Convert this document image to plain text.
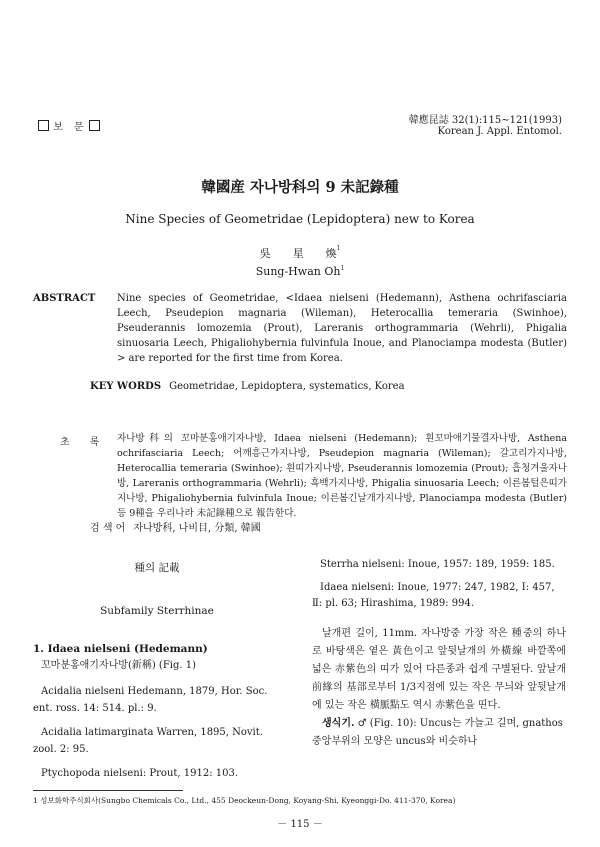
보 문
韓應昆誌 32(1):115∼121(1993)
Korean J. Appl. Entomol.
韓國産 자나방科의 9 未記錄種
Nine Species of Geometridae (Lepidoptera) new to Korea
吳　　星　　煥$^1$
Sung-Hwan Oh$^1$
ABSTRACT Nine species of Geometridae, <Idaea nielseni (Hedemann), Asthena ochrifasciaria Leech, Pseudepion magnaria (Wileman), Heterocallia temeraria (Swinhoe), Pseuderannis lomozemia (Prout), Lareranis orthogrammaria (Wehrli), Phigalia sinuosaria Leech, Phigaliohybernia fulvinfula Inoue, and Planociampa modesta (Butler) > are reported for the first time from Korea.
KEY WORDS Geometridae, Lepidoptera, systematics, Korea
초　　록 자나방科의 꼬마분홍애기자나방, Idaea nielseni (Hedemann); 흰꼬마애기물결자나방, Asthena ochrifasciaria Leech; 어깨흥근가지나방, Pseudepion magnaria (Wileman); 갈고리가지나방, Heterocallia temeraria (Swinhoe); 흰띠가지나방, Pseuderannis lomozemia (Prout); 흡청겨울자나방, Lareranis orthogrammaria (Wehrli); 흑백가지나방, Phigalia sinuosaria Leech; 이른봄털은띠가지나방, Phigaliohybernia fulvinfula Inoue; 이른봄긴날개가지나방, Planociampa modesta (Butler)등 9種을 우리나라 未記錄種으로 報告한다.
검 색 어 자나방科, 나비目, 分類, 韓國

種의 記載

Subfamily Sterrhinae

1. Idaea nielseni (Hedemann)

꼬마분홍애기자나방(新稱) (Fig. 1)

Acidalia nielseni Hedemann, 1879, Hor. Soc. ent. ross. 14: 514. pl.: 9.

Acidalia latimarginata Warren, 1895, Novit. zool. 2: 95.

Ptychopoda nielseni: Prout, 1912: 103.

Sterrha nielseni: Inoue, 1957: 189, 1959: 185.

Idaea nielseni: Inoue, 1977: 247, 1982, Ⅰ: 457, Ⅱ: pl. 63; Hirashima, 1989: 994.

날개편 길이, 11mm. 자나방중 가장 작은 種중의 하나로 바탕색은 옅은 黃色이고 앞뒷날개의 外橫線 바깥쪽에 넓은 赤紫色의 띠가 있어 다른종과 쉽게 구별된다. 앞날개 前緣의 基部로부터 1/3지점에 있는 작은 무늬와 앞뒷날개에 있는 작은 橫脈點도 역시 赤紫色을 띤다.

생식기. ♂ (Fig. 10): Uncus는 가늘고 길며, gnathos 중앙부위의 모양은 uncus와 비슷하나

1 성보화학주식회사(Sungbo Chemicals Co., Ltd., 455 Deockeun-Dong, Koyang-Shi, Kyeonggi-Do. 411-370, Korea)
－ 115 －
